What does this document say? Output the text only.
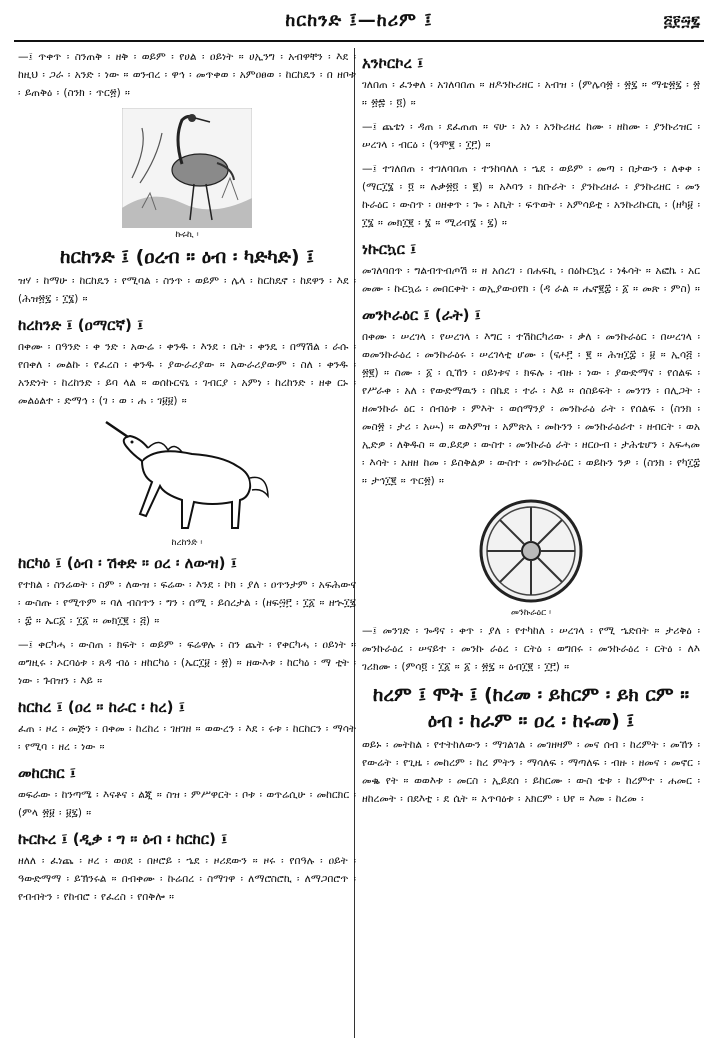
ከርከንድ ፤—ከሪም ፤	፭፻፵፯

—፤ ጥቀጥ ፡ ስንጠቅ ፡ ዘቅ ፡ ወይም ፡ የሀል ፡ ዐይነት ። ሀኢንግ ፡ አብዋቸን ፡ እደ ፡ ከዚህ ፡ ጋራ ፡ አንድ ፡ ነው ። ወንብረ ፡ ዋኅ ፡ መጥቀወ ፡ አምዐፀወ ፡ ከርከዴን ፡ በ ዘቦቱ ፡ ይጠቅዕ ፡ (ስንክ ፡ ጥር፳) ።

ኩሩኪ ፡
ከርከንድ ፤ (ዐረብ ። ዕብ ፡ ካድካድ) ፤

ዝሃ ፡ ከማሁ ፡ ከርከዴን ፡ የሚባል ፡ ስንጥ ፡ ወይም ፡ ሌላ ፡ ከርከዴኖ ፡ ከደዋን ፡ እደ ፡ (ሕዝ፳፯ ፡ ፲፮) ።

ከረከንድ ፤ (ዐማርኛ) ፤

በቀሙ ፡ በዓንድ ፡ ቀ ንድ ፡ አውሬ ፡ ቀንዱ ፡ እንደ ፡ ቤት ፡ ቀንዴ ፡ በማሽል ፡ ራሱ ፡ የበቀለ ፡ መልኩ ፡ የፈረስ ፡ ቀንዱ ፡ ያውራሪያው ። አውራሪያውም ፡ ስለ ፡ ቀንዱ ፡ አንድነት ፡ ከረከንድ ፡ ይባ ላል ። ወሰኩርናኒ ፡ ገብርያ ፡ አምነ ፡ ከረከንድ ፡ ዘቀ ርኑ ፡ መልዕልተ ፡ ድማኅ ፡ (ገ ፡ ወ ፡ ሐ ፡ ገ፱፱) ።

ከረከንድ ፡
ከርካዕ ፤ (ዕብ ፡ ሽቀድ ። ዐረ ፡ ለውዝ) ፤

የተክል ፡ ስንሬወት ፡ ስም ፡ ለውዝ ፡ ፍሬው ፡ እንደ ፡ ኮክ ፡ ያለ ፡ ዐጥንታም ፡ አፍሕውና ፡ ውስጡ ፡ የሚጥም ። ባለ ብስጥን ፡ ግን ፡ ሰሚ ፡ ይሰረታል ፡ (ዘፍ፵፫ ፡ ፲፩ ። ዘኊ፲፯ ፡ ፰ ። ኤር፩ ፡ ፲፩ ። መክ፲፪ ፡ ፭) ።

—፤ ቀርካሓ ፡ ውስጠ ፡ ክፍት ፡ ወይም ፡ ፍሬዋሉ ፡ ስን ጨት ፡ የቀርካሓ ፡ ዐይነት ። ወግዚሩ ፡ ኦርባዕቱ ፡ ጸዳ ብዕ ፡ ዘከርካዕ ፡ (ኤር፲፱ ፡ ፳) ። ዘውእቱ ፡ ከርካዕ ፡ ማ ቲት ፡ ነው ፡ ጉበዝን ፡ እይ ።

ከርከረ ፤ (ዐረ ። ከራር ፡ ከረ) ፤

ፈጠ ፡ ዞረ ፡ መጅን ፡ በቀመ ፡ ከረከረ ፡ ገዘገዘ ። ወውረን ፡ እደ ፡ ሩቱ ፡ ከርከርን ፡ ማሳት ፡ የሚባ ፡ ዘረ ፡ ነው ።

መከርክር ፤

ወፍራው ፡ ከንጣሜ ፡ እናቶና ፡ ልጂ ። ስዝ ፡ ምሥዋርት ፡ ቦቱ ፡ ወጥሬሲሁ ፡ መከርክር ፡ (ምላ ፳፱ ፡ ፱፯) ።

ኩርኩረ ፤ (ዲቃ ፡ ግ ። ዕብ ፡ ከርከር) ፤

ዘለለ ፡ ፈነጨ ፡ ዞረ ፡ ወዐደ ፡ በዞሮይ ፡ ኄደ ፡ ዞሪደውን ። ዞሩ ፡ የበዓሉ ፡ ዐይት ፡ ዓውድማማ ፡ ይኽንሩል ። በብቀሙ ፡ ኩሬበረ ፡ ስማገዋ ፡ ለማሮስሮኪ ፡ ለማጋበሮጥ ፡ የብብትን ፡ የከብሮ ፡ የፈረስ ፡ የበቅሎ ።

አንኮርኮረ ፤

ገለበጠ ፡ ፈንቀለ ፡ አገለባበጠ ። ዘዶንኩሪዘር ፡ አብዝ ፡ (ምሌሳ፳ ፡ ፳፯ ። ማቴ፳፯ ፡ ፳ ። ፳፷ ፡ ፬) ።

—፤ ጨቴነ ፡ ዳጠ ፡ ደፈጠጠ ። ናሁ ፡ አነ ፡ አንኩሪዘረ ከሙ ፡ ዘከሙ ፡ ያንኩሪዝር ፡ ሠረገላ ፡ ብርዕ ፡ (ዓሞ፪ ፡ ፲፫) ።

—፤ ተገለበጠ ፡ ተገለባበጠ ፡ ተንከባለለ ፡ ኄደ ፡ ወይም ፡ መጣ ፡ በታውን ፡ ለቀቀ ፡ (ማር፲፮ ፡ ፬ ። ሉቃ፳፬ ፡ ፪) ። አእባን ፡ ክቡራት ፡ ያንኩሪዘራ ፡ ያንኩሪዘር ፡ መን ኩራዕር ፡ ውስጥ ፡ ዐዘቀጥ ፡ ጐ ፡ አኪት ፡ ፍጥወት ፡ አምሳይቲ ፡ አንኩሪኩርኪ ፡ (ዘካ፱ ፡ ፲፮ ። መክ፲፪ ፡ ፮ ። ሚሪብ፮ ፡ ፯) ።

ነኩርኳር ፤

መገለባበጥ ፡ ግልብጥብጦሽ ። ዘ አሰረገ ፡ በሐፍኪ ፡ በዕኩርኳረ ፡ ነፋሳት ። አፎኬ ፡ አር መሙ ፡ ኩርኳሬ ፡ መበርቀት ፡ ወኢያውዐየክ ፡ (ዳ ራል ። ሔኖ፪፰ ፡ ፩ ። መጽ ፡ ምስ) ።

መንኮራዕር ፤ (ራት) ፤

በቀሙ ፡ ሠረገላ ፡ የሠረገላ ፡ እግር ፡ ተሽከርካሪው ፡ ቃለ ፡ መንኩራዕር ፡ በሠረገላ ፡ ወመንኩራዕረ ፡ መንኩራዕሩ ፡ ሠረገላቲ ሆሙ ፡ (ናሖ፫ ፡ ፪ ። ሕዝ፲፰ ፡ ፱ ። ኢሳ፭ ፡ ፳፪) ። ስሙ ፡ ፩ ፡ ሲኸን ፡ ዐይነቱና ፡ ክፍሉ ፡ ብዙ ፡ ነው ፡ ያውድማና ፡ የሰልፍ ፡ የሥራቀ ፡ አለ ፡ የውድማዉን ፡ በኬደ ፡ ተራ ፡ እይ ። ሰስይፍት ፡ መንገን ፡ በሊጋት ፡ ዘመንኩራ ዕር ፡ ሰብዕቱ ፡ ምእት ፡ ወሰማንያ ፡ መንኩራዕ ራት ፡ የሰልፍ ፡ (ስንክ ፡ መስ፳ ፡ ታሪ ፡ አሡ) ። ወእምዝ ፡ አምጽአ ፡ መኩንን ፡ መንኩራዕራተ ፡ ዘብርት ፡ ወአ ኢድዎ ፡ ለቅዱስ ። ወ.ይደዎ ፡ ውስተ ፡ መንኩራዕ ራት ፡ ዘርዑብ ፡ ታሕቴሆን ፡ አፍሓመ ፡ እሳት ፡ አዘዘ ከመ ፡ ይስቅልዎ ፡ ውስተ ፡ መንኩራዕር ፡ ወይኩን ንዎ ፡ (ስንክ ፡ የካ፲፰ ። ታኅ፲፪ ። ጥር፳) ።

መንኩራዕር ፡

—፤ መንገድ ፡ ጐዳና ፡ ቀጥ ፡ ያለ ፡ የተካከለ ፡ ሠረገላ ፡ የሚ ኄድበት ። ታሪቅዕ ፡ መንኩራዕረ ፡ ሠናይተ ፡ መንኩ ራዕረ ፡ ርትዕ ፡ ወግበሩ ፡ መንኩራዕረ ፡ ርትዕ ፡ ለእ ገሪክሙ ፡ (ምሳ፬ ፡ ፲፩ ። ፩ ፡ ፳፯ ። ዕብ፲፪ ፡ ፲፫) ።

ከረም ፤ ሞት ፤ (ከረመ ፡ ይከርም ፡ ይክ ርም ። ዕብ ፡ ከራም ። ዐረ ፡ ከሩመ) ፤

ወይኑ ፡ መትከል ፡ የተትከለውን ፡ ማገልገል ፡ መገዘዛም ፡ መና ሰብ ፡ ከረምት ፡ መኸን ፡ የውሬት ፡ የጊዜ ፡ መከረም ፡ ከረ ምትን ፡ ማሳለፍ ፡ ማጣለፍ ፡ ብዙ ፡ ዘመና ፡ መኖር ፡ መቈ የት ። ወወእቱ ፡ መርስ ፡ ኢይደሰ ፡ ይከርሙ ፡ ውስ ቴቱ ፡ ከረምተ ፡ ሐመር ፡ ዘከረመት ፡ በደእቲ ፡ ደ ሴት ። አጥባዕቱ ፡ አክርም ፡ ህየ ። እመ ፡ ከረመ ፡
